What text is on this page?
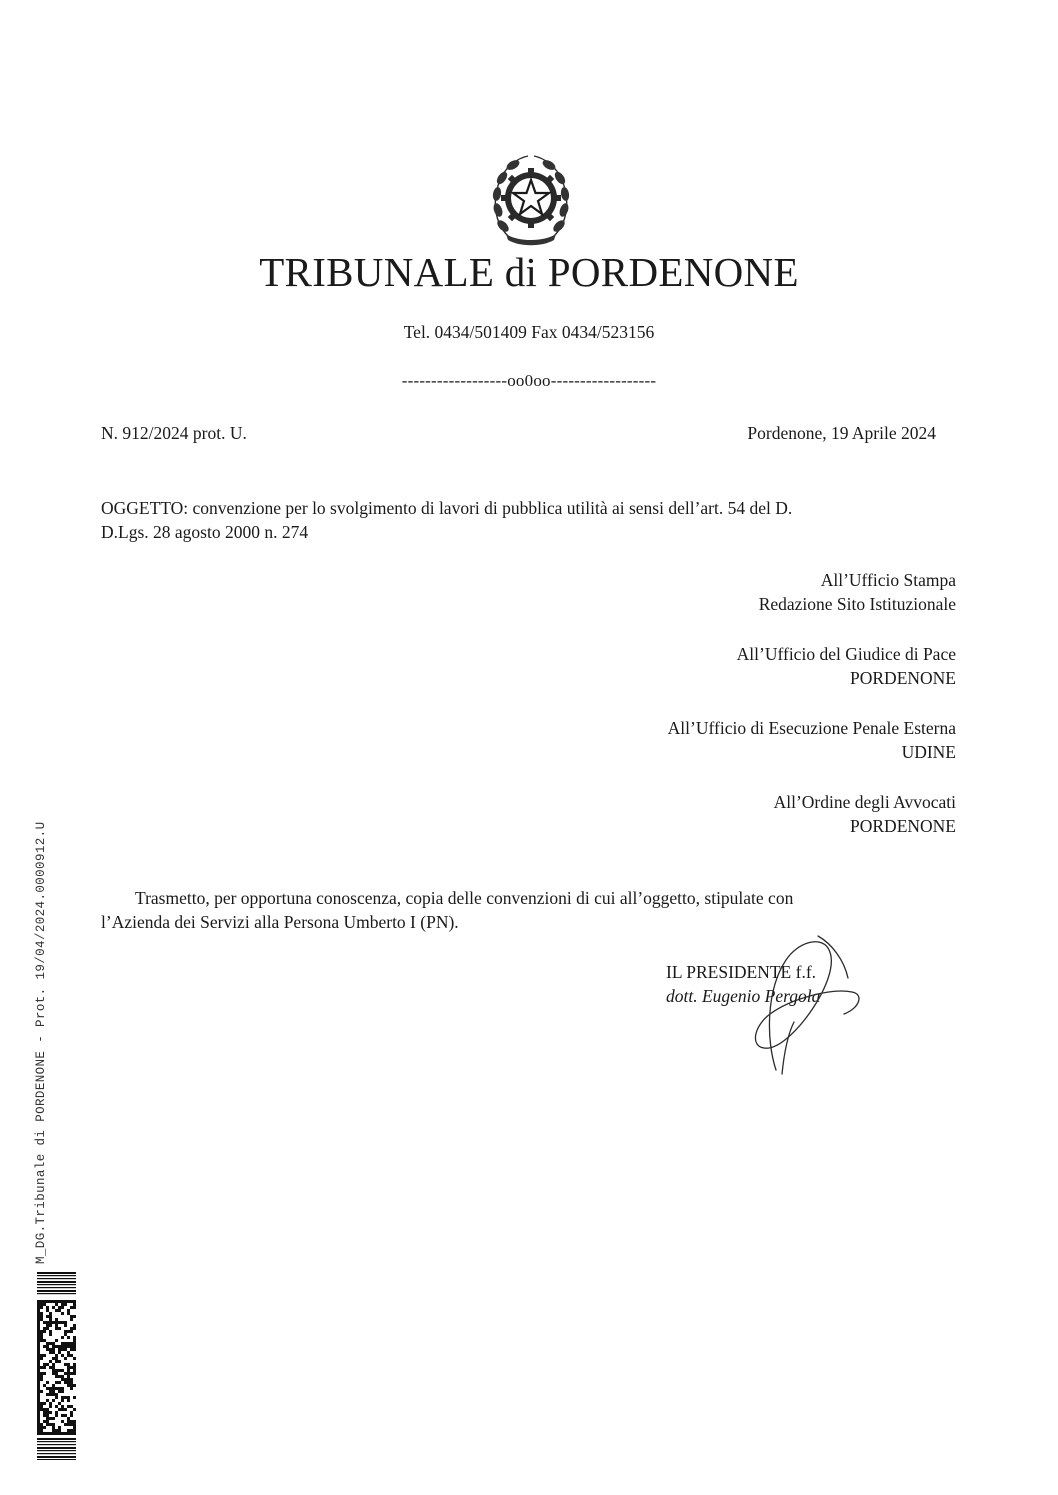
TRIBUNALE di PORDENONE
Tel. 0434/501409 Fax 0434/523156
------------------oo0oo------------------
N. 912/2024 prot. U.	Pordenone, 19 Aprile 2024
OGGETTO: convenzione per lo svolgimento di lavori di pubblica utilità ai sensi dell’art. 54 del D.
D.Lgs. 28 agosto 2000 n. 274
All’Ufficio Stampa
Redazione Sito Istituzionale
All’Ufficio del Giudice di Pace
PORDENONE
All’Ufficio di Esecuzione Penale Esterna
UDINE
All’Ordine degli Avvocati
PORDENONE
Trasmetto, per opportuna conoscenza, copia delle convenzioni di cui all’oggetto, stipulate con
l’Azienda dei Servizi alla Persona Umberto I (PN).
IL PRESIDENTE f.f.
dott. Eugenio Pergola
M_DG.Tribunale di PORDENONE - Prot. 19/04/2024.0000912.U
